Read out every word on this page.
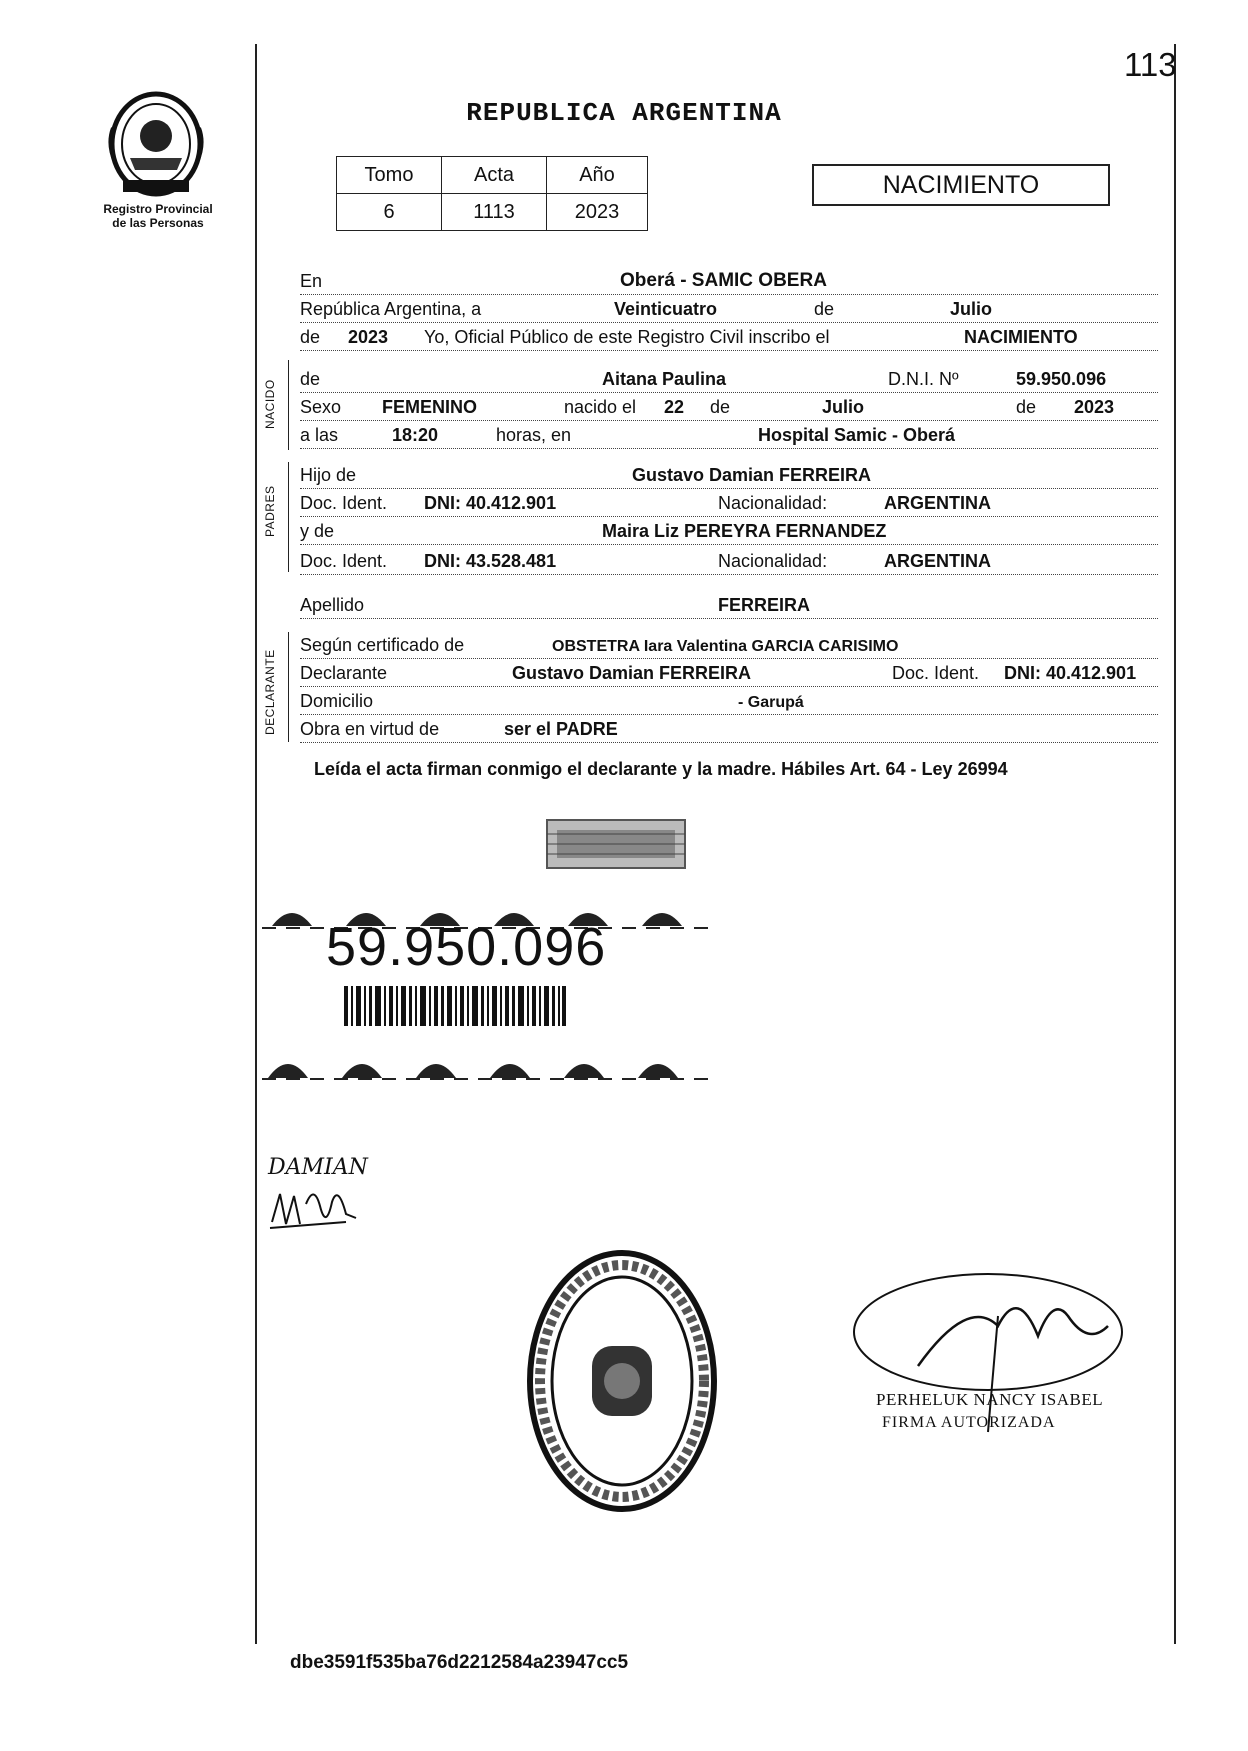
113
Registro Provincial
de las Personas
REPUBLICA ARGENTINA
Tomo	Acta	Año
6	1113	2023
NACIMIENTO
En	Oberá - SAMIC OBERA
República Argentina, a	Veinticuatro	de	Julio
de 2023 Yo, Oficial Público de este Registro Civil inscribo el	NACIMIENTO
NACIDO
de	Aitana Paulina	D.N.I. Nº	59.950.096
Sexo FEMENINO	nacido el 22 de	Julio	de 2023
a las	18:20	horas, en	Hospital Samic - Oberá
PADRES
Hijo de	Gustavo Damian FERREIRA
Doc. Ident. DNI: 40.412.901	Nacionalidad:	ARGENTINA
y de	Maira Liz PEREYRA FERNANDEZ
Doc. Ident. DNI: 43.528.481	Nacionalidad:	ARGENTINA
Apellido	FERREIRA
DECLARANTE
Según certificado de	OBSTETRA Iara Valentina GARCIA CARISIMO
Declarante	Gustavo Damian FERREIRA	Doc. Ident. DNI: 40.412.901
Domicilio	- Garupá
Obra en virtud de	ser el PADRE
Leída el acta firman conmigo el declarante y la madre. Hábiles Art. 64 - Ley 26994
59.950.096
DAMIAN
PERHELUK NANCY ISABEL
FIRMA AUTORIZADA
dbe3591f535ba76d2212584a23947cc5
